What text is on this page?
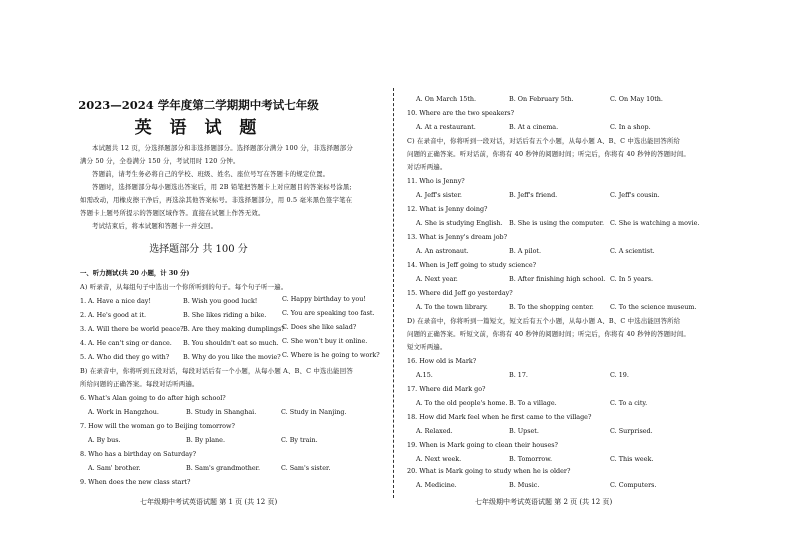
2023—2024 学年度第二学期期中考试七年级
英 语 试 题
本试题共 12 页，分选择题部分和非选择题部分。选择题部分满分 100 分，非选择题部分
满分 50 分，全卷满分 150 分，考试用时 120 分钟。
答题前，请考生务必将自己的学校、班级、姓名、座位号写在答题卡的规定位置。
答题时，选择题部分每小题选出答案后，用 2B 铅笔把答题卡上对应题目的答案标号涂黑;
如需改动，用橡皮擦干净后，再选涂其他答案标号。非选择题部分，用 0.5 毫米黑色签字笔在
答题卡上题号所提示的答题区域作答。直接在试题上作答无效。
考试结束后，将本试题和答题卡一并交回。
选择题部分 共 100 分
一、听力测试(共 20 小题，计 30 分)
A) 听录音，从每组句子中选出一个你所听到的句子。每个句子听一遍。
1. A. Have a nice day!	B. Wish you good luck!	C. Happy birthday to you!
2. A. He's good at it.	B. She likes riding a bike. C. You are speaking too fast.
3. A. Will there be world peace? B. Are they making dumplings?
C. Does she like salad?
4. A. He can't sing or dance. B. You shouldn't eat so much. C. She won't buy it online.
5. A. Who did they go with? B. Why do you like the movie? C. Where is he going to work?
B) 在录音中，你将听到五段对话，每段对话后有一个小题，从每小题 A、B、C 中选出能回答
所给问题的正确答案。每段对话听两遍。
6. What's Alan going to do after high school?
A. Work in Hangzhou.	B. Study in Shanghai.	C. Study in Nanjing.
7. How will the woman go to Beijing tomorrow?
A. By bus.	B. By plane.	C. By train.
8. Who has a birthday on Saturday?
A. Sam' brother.	B. Sam's grandmother.	C. Sam's sister.
9. When does the new class start?
七年级期中考试英语试题 第 1 页 (共 12 页)
A. On March 15th.	B. On February 5th.	C. On May 10th.
10. Where are the two speakers?
A. At a restaurant.	B. At a cinema.	C. In a shop.
C) 在录音中，你将听到一段对话，对话后有五个小题，从每小题 A、B、C 中选出能回答所给
问题的正确答案。听对话前，你将有 40 秒钟的阅题时间；听完后，你将有 40 秒钟的答题时间。
对话听两遍。
11. Who is Jenny?
A. Jeff's sister.	B. Jeff's friend.	C. Jeff's cousin.
12. What is Jenny doing?
A. She is studying English. B. She is using the computer. C. She is watching a movie.
13. What is Jenny's dream job?
A. An astronaut.	B. A pilot.	C. A scientist.
14. When is Jeff going to study science?
A. Next year.	B. After finishing high school. C. In 5 years.
15. Where did Jeff go yesterday?
A. To the town library.	B. To the shopping center.	C. To the science museum.
D) 在录音中，你将听到一篇短文，短文后有五个小题，从每小题 A、B、C 中选出能回答所给
问题的正确答案。听短文前，你将有 40 秒钟的阅题时间；听完后，你将有 40 秒钟的答题时间。
短文听两遍。
16. How old is Mark?
A.15.	B. 17.	C. 19.
17. Where did Mark go?
A. To the old people's home. B. To a village.	C. To a city.
18. How did Mark feel when he first came to the village?
A. Relaxed.	B. Upset.	C. Surprised.
19. When is Mark going to clean their houses?
A. Next week.	B. Tomorrow.	C. This week.
20. What is Mark going to study when he is older?
A. Medicine.	B. Music.	C. Computers.
七年级期中考试英语试题 第 2 页 (共 12 页)
